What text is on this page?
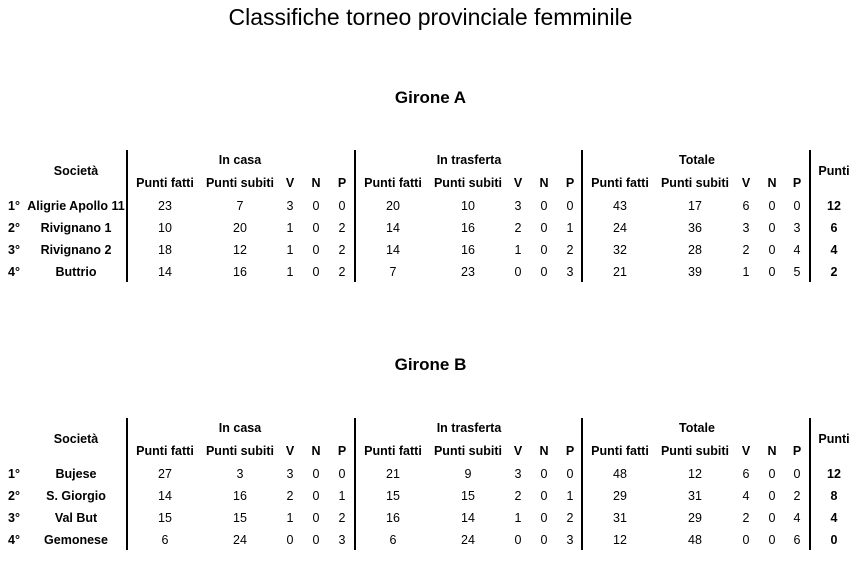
Classifiche torneo provinciale femminile
Girone A
Società
In casa	In trasferta	Totale
Punti fatti Punti subiti V N P Punti fatti Punti subiti V N P Punti fatti Punti subiti V N P
Punti
1° Aligrie Apollo 11	23	7	3 0 0	20	10	3 0 0	43	17	6 0 0 12
2° Rivignano 1	10	20	1 0 2	14	16	2 0 1	24	36	3 0 3 6
3° Rivignano 2	18	12	1 0 2	14	16	1 0 2	32	28	2 0 4 4
4°	Buttrio	14	16	1 0 2	7	23	0 0 3	21	39	1 0 5 2
Girone B
Società
In casa	In trasferta	Totale
Punti fatti Punti subiti V N P Punti fatti Punti subiti V N P Punti fatti Punti subiti V N P
Punti
1°	Bujese	27	3	3 0 0	21	9	3 0 0	48	12	6 0 0 12
2° S. Giorgio	14	16	2 0 1	15	15	2 0 1	29	31	4 0 2 8
3°	Val But	15	15	1 0 2	16	14	1 0 2	31	29	2 0 4 4
4° Gemonese	6	24	0 0 3	6	24	0 0 3	12	48	0 0 6 0
